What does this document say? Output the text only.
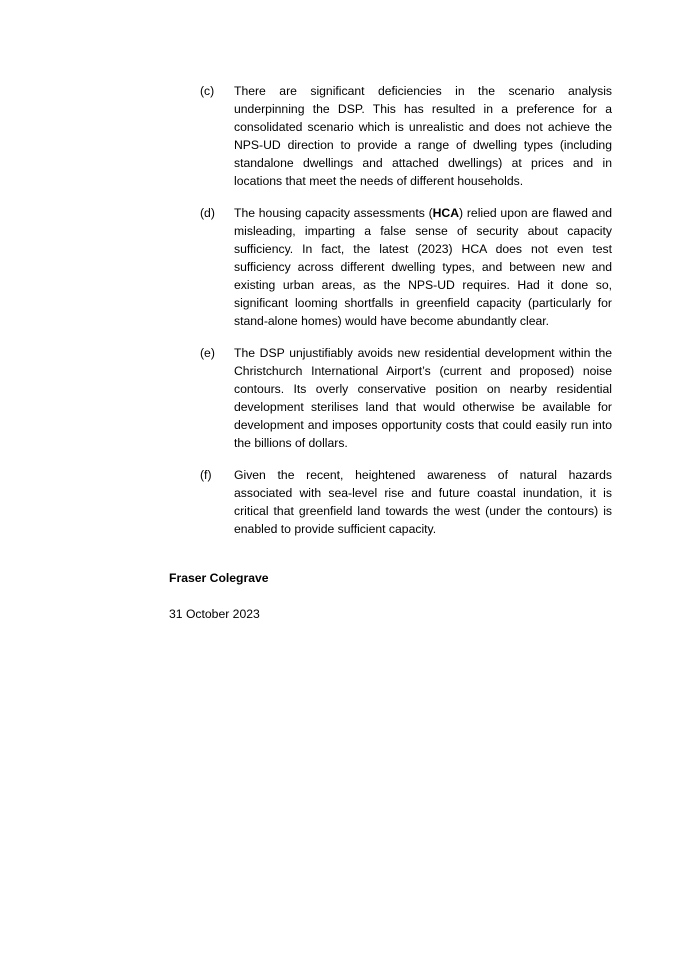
(c)	There are significant deficiencies in the scenario analysis underpinning the DSP. This has resulted in a preference for a consolidated scenario which is unrealistic and does not achieve the NPS-UD direction to provide a range of dwelling types (including standalone dwellings and attached dwellings) at prices and in locations that meet the needs of different households.
(d)	The housing capacity assessments (HCA) relied upon are flawed and misleading, imparting a false sense of security about capacity sufficiency. In fact, the latest (2023) HCA does not even test sufficiency across different dwelling types, and between new and existing urban areas, as the NPS-UD requires. Had it done so, significant looming shortfalls in greenfield capacity (particularly for stand-alone homes) would have become abundantly clear.
(e)	The DSP unjustifiably avoids new residential development within the Christchurch International Airport’s (current and proposed) noise contours. Its overly conservative position on nearby residential development sterilises land that would otherwise be available for development and imposes opportunity costs that could easily run into the billions of dollars.
(f)	Given the recent, heightened awareness of natural hazards associated with sea-level rise and future coastal inundation, it is critical that greenfield land towards the west (under the contours) is enabled to provide sufficient capacity.
Fraser Colegrave
31 October 2023
